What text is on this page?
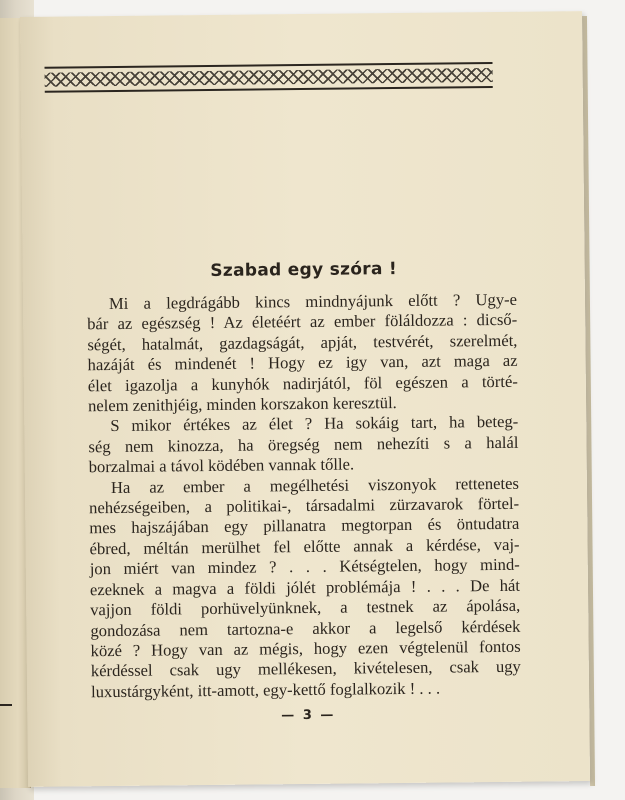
Szabad egy szóra !
Mi a legdrágább kincs mindnyájunk előtt ? Ugy-e
bár az egészség ! Az életéért az ember föláldozza : dicső-
ségét, hatalmát, gazdagságát, apját, testvérét, szerelmét,
hazáját és mindenét ! Hogy ez igy van, azt maga az
élet igazolja a kunyhók nadirjától, föl egészen a törté-
nelem zenithjéig, minden korszakon keresztül.
S mikor értékes az élet ? Ha sokáig tart, ha beteg-
ség nem kinozza, ha öregség nem nehezíti s a halál
borzalmai a távol ködében vannak tőlle.
Ha az ember a megélhetési viszonyok rettenetes
nehézségeiben, a politikai-, társadalmi zürzavarok förtel-
mes hajszájában egy pillanatra megtorpan és öntudatra
ébred, méltán merülhet fel előtte annak a kérdése, vaj-
jon miért van mindez ? . . . Kétségtelen, hogy mind-
ezeknek a magva a földi jólét problémája ! . . . De hát
vajjon földi porhüvelyünknek, a testnek az ápolása,
gondozása nem tartozna-e akkor a legelső kérdések
közé ? Hogy van az mégis, hogy ezen végtelenül fontos
kérdéssel csak ugy mellékesen, kivételesen, csak ugy
luxustárgyként, itt-amott, egy-kettő foglalkozik ! . . .
— 3 —
